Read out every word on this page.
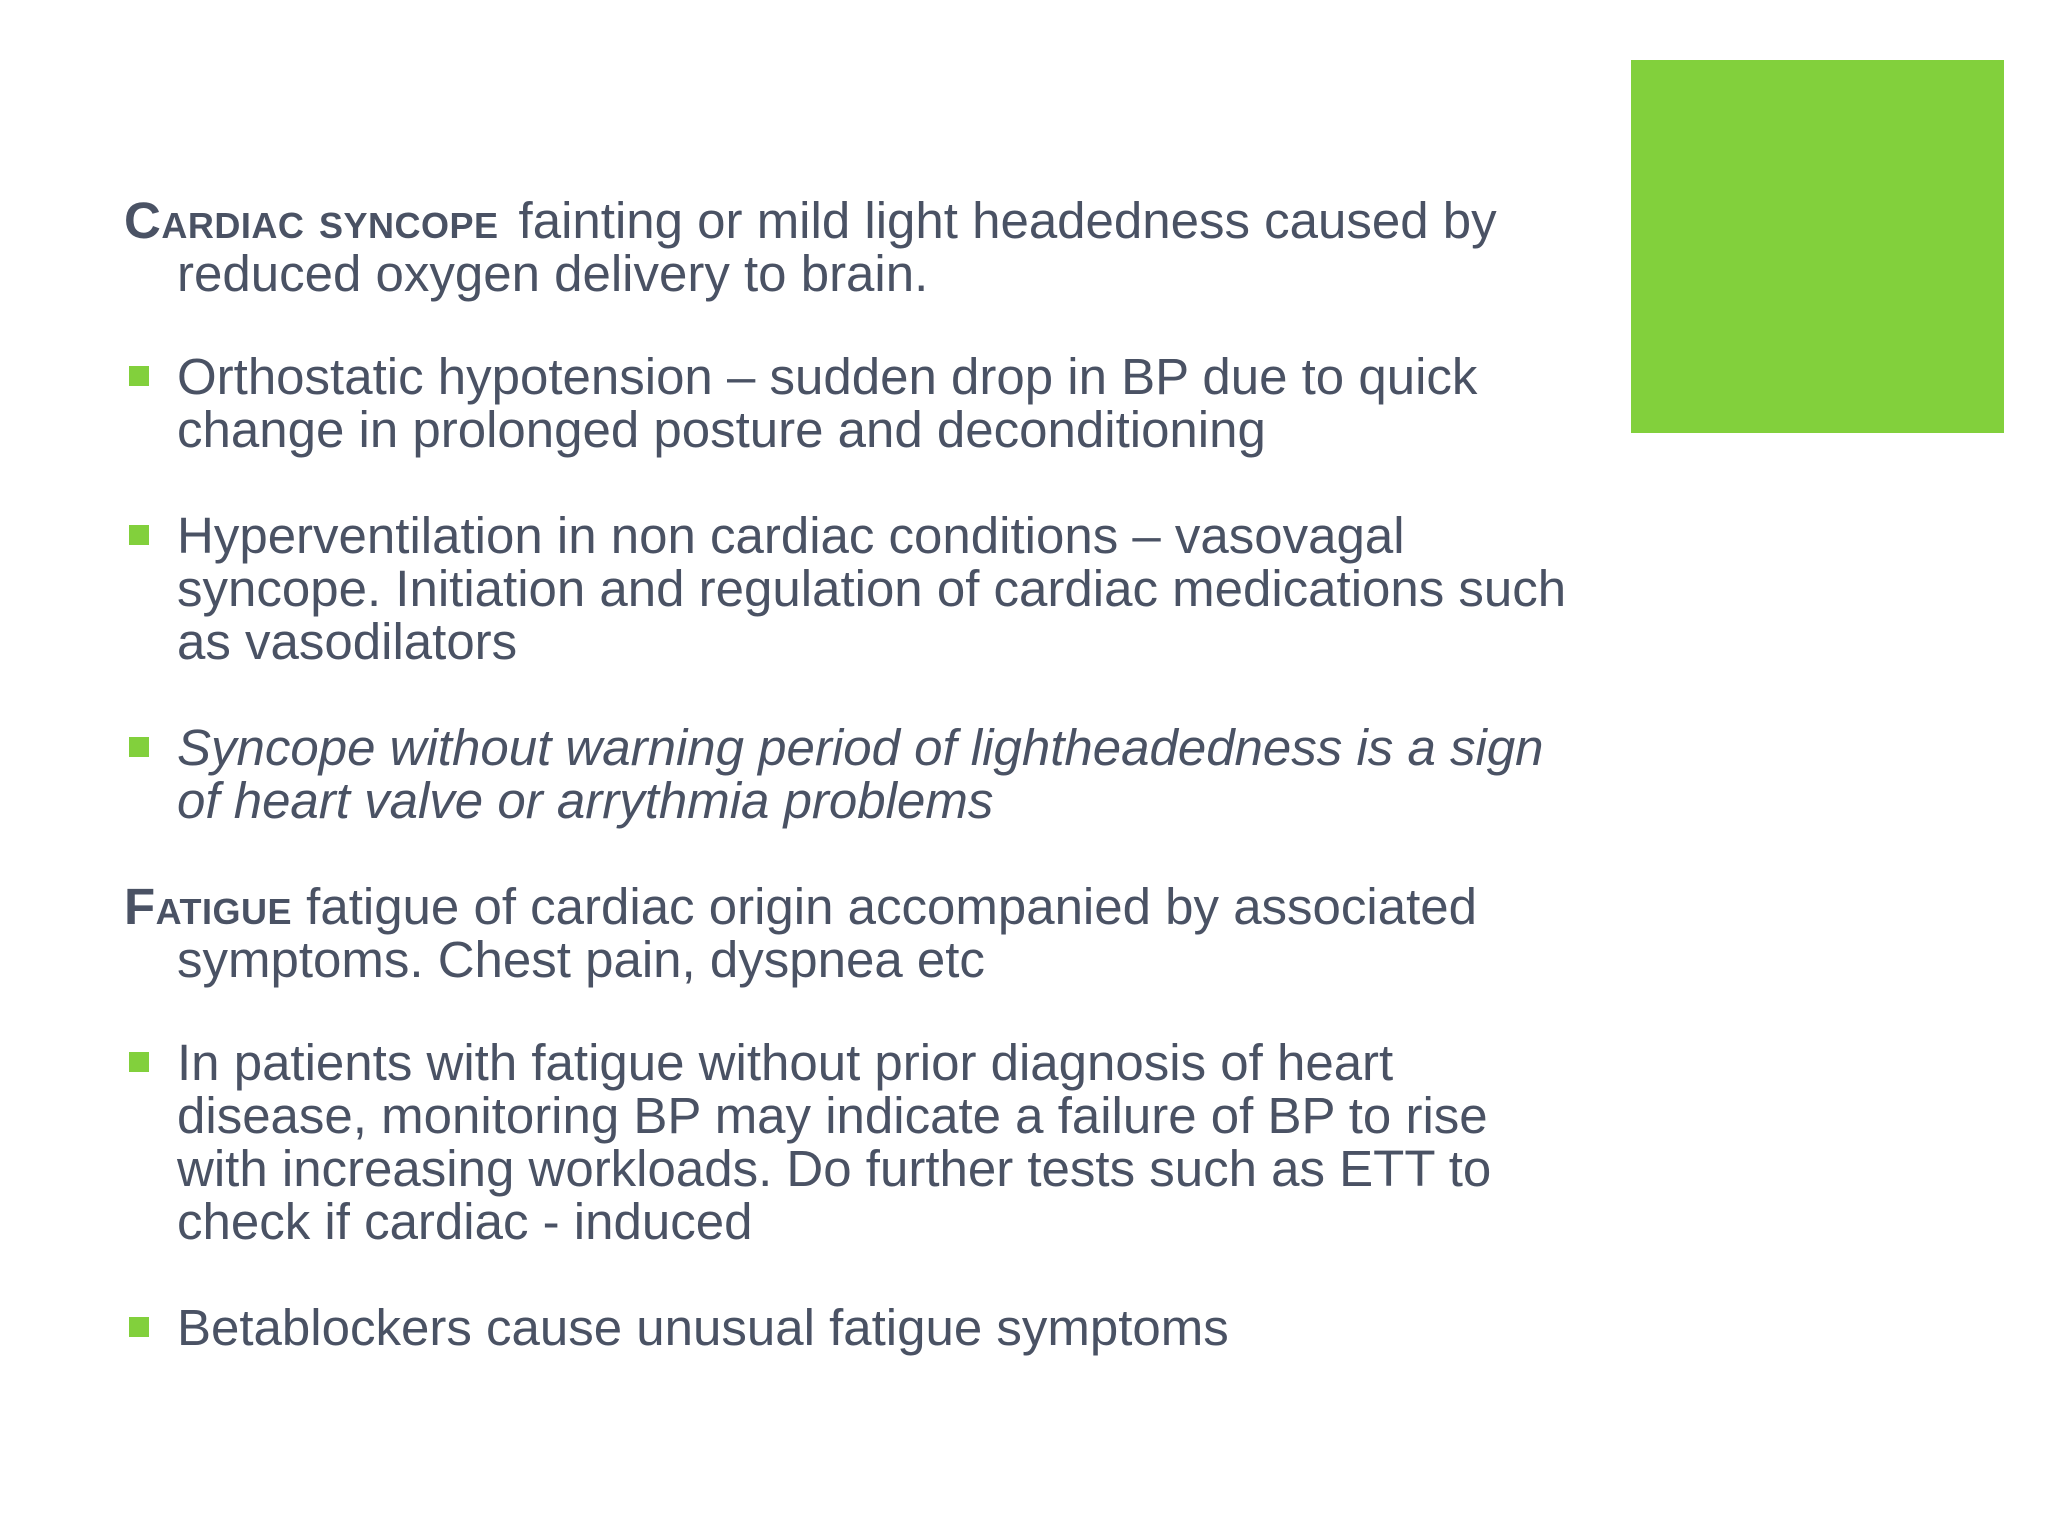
Cardiac syncope fainting or mild light headedness caused by reduced oxygen delivery to brain.

Orthostatic hypotension – sudden drop in BP due to quick change in prolonged posture and deconditioning
Hyperventilation in non cardiac conditions – vasovagal syncope. Initiation and regulation of cardiac medications such as vasodilators
Syncope without warning period of lightheadedness is a sign of heart valve or arrythmia problems

Fatigue fatigue of cardiac origin accompanied by associated symptoms. Chest pain, dyspnea etc

In patients with fatigue without prior diagnosis of heart disease, monitoring BP may indicate a failure of BP to rise with increasing workloads. Do further tests such as ETT to check if cardiac - induced
Betablockers cause unusual fatigue symptoms
